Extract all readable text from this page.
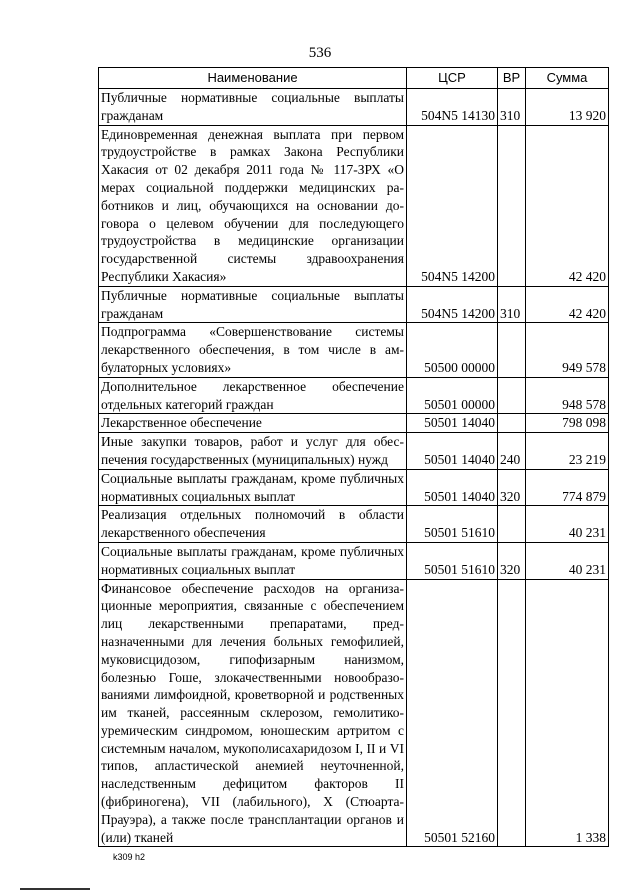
536
Наименование	ЦСР	ВР	Сумма
Публичные нормативные социальные выплаты гражданам	504N5 14130	310	13 920
Единовременная денежная выплата при первом трудоустройстве в рамках Закона Республики Хакасия от 02 декабря 2011 года № 117-ЗРХ «О мерах социальной поддержки медицинских работников и лиц, обучающихся на основании договора о целевом обучении для последующего трудоустройства в медицинские организации государственной системы здравоохранения Республики Хакасия»	504N5 14200		42 420
Публичные нормативные социальные выплаты гражданам	504N5 14200	310	42 420
Подпрограмма «Совершенствование системы лекарственного обеспечения, в том числе в амбулаторных условиях»	50500 00000		949 578
Дополнительное лекарственное обеспечение отдельных категорий граждан	50501 00000		948 578
Лекарственное обеспечение	50501 14040		798 098
Иные закупки товаров, работ и услуг для обеспечения государственных (муниципальных) нужд	50501 14040	240	23 219
Социальные выплаты гражданам, кроме публичных нормативных социальных выплат	50501 14040	320	774 879
Реализация отдельных полномочий в области лекарственного обеспечения	50501 51610		40 231
Социальные выплаты гражданам, кроме публичных нормативных социальных выплат	50501 51610	320	40 231
Финансовое обеспечение расходов на организационные мероприятия, связанные с обеспечением лиц лекарственными препаратами, предназначенными для лечения больных гемофилией, муковисцидозом, гипофизарным нанизмом, болезнью Гоше, злокачественными новообразованиями лимфоидной, кроветворной и родственных им тканей, рассеянным склерозом, гемолитико-уремическим синдромом, юношеским артритом с системным началом, мукополисахаридозом I, II и VI типов, апластической анемией неуточненной, наследственным дефицитом факторов II (фибриногена), VII (лабильного), X (Стюарта-Прауэра), а также после трансплантации органов и (или) тканей	50501 52160		1 338
k309 h2
